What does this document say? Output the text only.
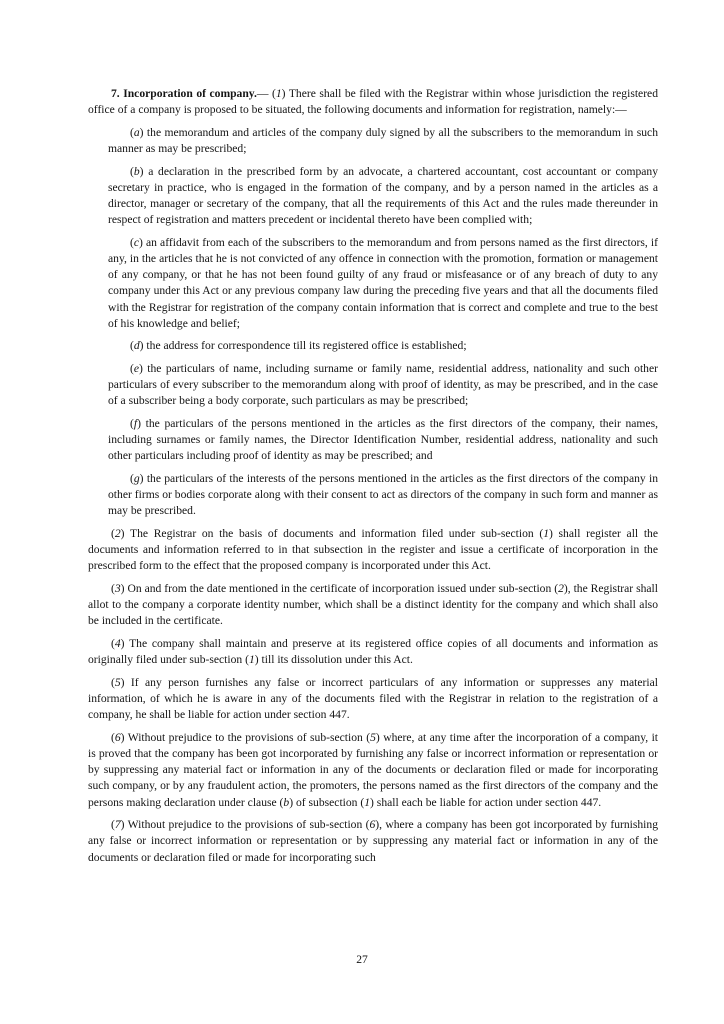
7. Incorporation of company.— (1) There shall be filed with the Registrar within whose jurisdiction the registered office of a company is proposed to be situated, the following documents and information for registration, namely:—

(a) the memorandum and articles of the company duly signed by all the subscribers to the memorandum in such manner as may be prescribed;

(b) a declaration in the prescribed form by an advocate, a chartered accountant, cost accountant or company secretary in practice, who is engaged in the formation of the company, and by a person named in the articles as a director, manager or secretary of the company, that all the requirements of this Act and the rules made thereunder in respect of registration and matters precedent or incidental thereto have been complied with;

(c) an affidavit from each of the subscribers to the memorandum and from persons named as the first directors, if any, in the articles that he is not convicted of any offence in connection with the promotion, formation or management of any company, or that he has not been found guilty of any fraud or misfeasance or of any breach of duty to any company under this Act or any previous company law during the preceding five years and that all the documents filed with the Registrar for registration of the company contain information that is correct and complete and true to the best of his knowledge and belief;

(d) the address for correspondence till its registered office is established;

(e) the particulars of name, including surname or family name, residential address, nationality and such other particulars of every subscriber to the memorandum along with proof of identity, as may be prescribed, and in the case of a subscriber being a body corporate, such particulars as may be prescribed;

(f) the particulars of the persons mentioned in the articles as the first directors of the company, their names, including surnames or family names, the Director Identification Number, residential address, nationality and such other particulars including proof of identity as may be prescribed; and

(g) the particulars of the interests of the persons mentioned in the articles as the first directors of the company in other firms or bodies corporate along with their consent to act as directors of the company in such form and manner as may be prescribed.

(2) The Registrar on the basis of documents and information filed under sub-section (1) shall register all the documents and information referred to in that subsection in the register and issue a certificate of incorporation in the prescribed form to the effect that the proposed company is incorporated under this Act.

(3) On and from the date mentioned in the certificate of incorporation issued under sub-section (2), the Registrar shall allot to the company a corporate identity number, which shall be a distinct identity for the company and which shall also be included in the certificate.

(4) The company shall maintain and preserve at its registered office copies of all documents and information as originally filed under sub-section (1) till its dissolution under this Act.

(5) If any person furnishes any false or incorrect particulars of any information or suppresses any material information, of which he is aware in any of the documents filed with the Registrar in relation to the registration of a company, he shall be liable for action under section 447.

(6) Without prejudice to the provisions of sub-section (5) where, at any time after the incorporation of a company, it is proved that the company has been got incorporated by furnishing any false or incorrect information or representation or by suppressing any material fact or information in any of the documents or declaration filed or made for incorporating such company, or by any fraudulent action, the promoters, the persons named as the first directors of the company and the persons making declaration under clause (b) of subsection (1) shall each be liable for action under section 447.

(7) Without prejudice to the provisions of sub-section (6), where a company has been got incorporated by furnishing any false or incorrect information or representation or by suppressing any material fact or information in any of the documents or declaration filed or made for incorporating such

27
